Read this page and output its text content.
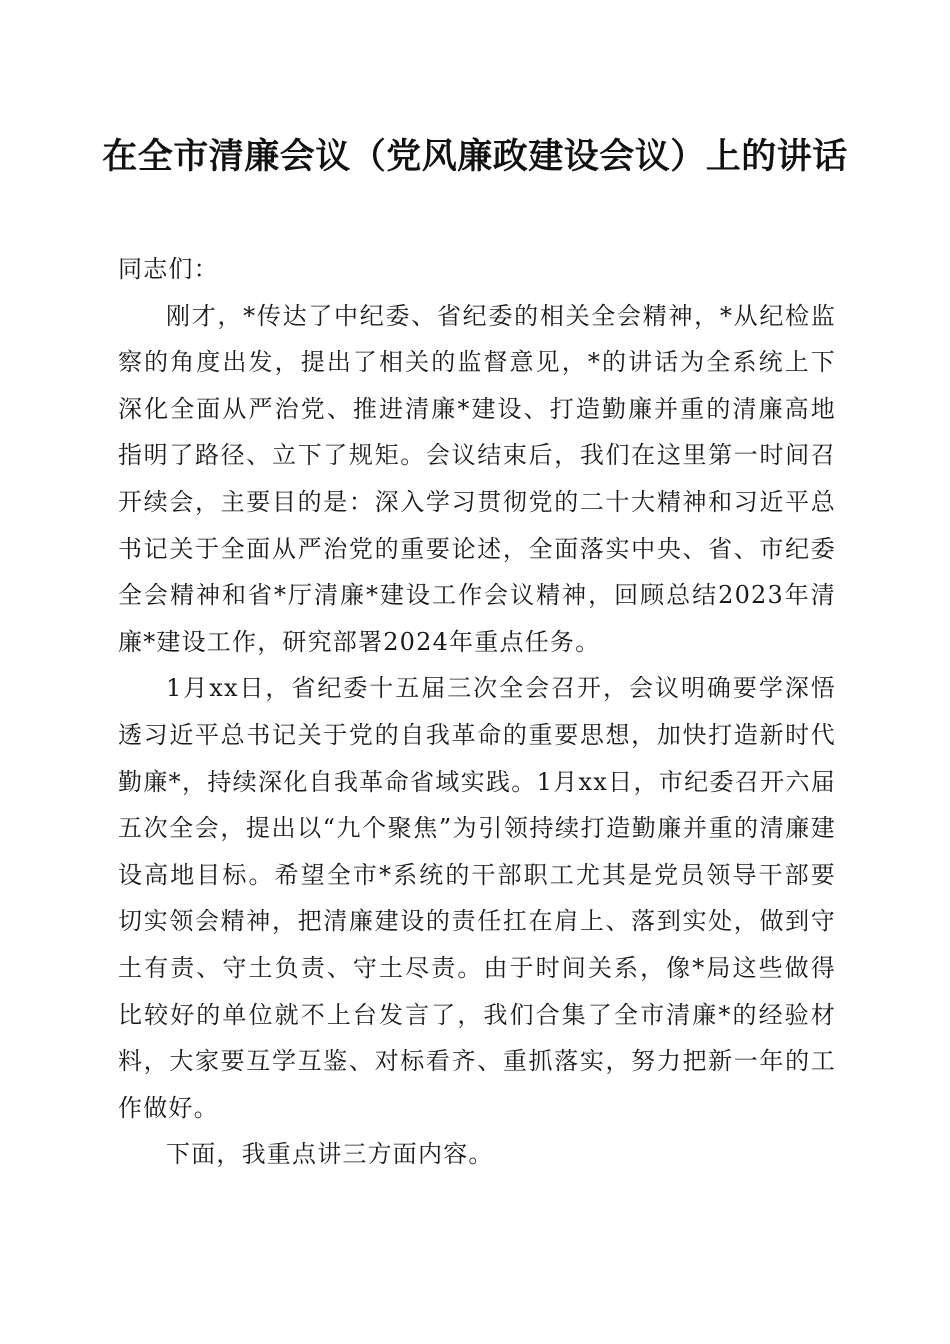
在全市清廉会议（党风廉政建设会议）上的讲话

同志们：

刚才，*传达了中纪委、省纪委的相关全会精神，*从纪检监察的角度出发，提出了相关的监督意见，*的讲话为全系统上下深化全面从严治党、推进清廉*建设、打造勤廉并重的清廉高地指明了路径、立下了规矩。会议结束后，我们在这里第一时间召开续会，主要目的是：深入学习贯彻党的二十大精神和习近平总书记关于全面从严治党的重要论述，全面落实中央、省、市纪委全会精神和省*厅清廉*建设工作会议精神，回顾总结2023年清廉*建设工作，研究部署2024年重点任务。

1月xx日，省纪委十五届三次全会召开，会议明确要学深悟透习近平总书记关于党的自我革命的重要思想，加快打造新时代勤廉*，持续深化自我革命省域实践。1月xx日，市纪委召开六届五次全会，提出以“九个聚焦”为引领持续打造勤廉并重的清廉建设高地目标。希望全市*系统的干部职工尤其是党员领导干部要切实领会精神，把清廉建设的责任扛在肩上、落到实处，做到守土有责、守土负责、守土尽责。由于时间关系，像*局这些做得比较好的单位就不上台发言了，我们合集了全市清廉*的经验材料，大家要互学互鉴、对标看齐、重抓落实，努力把新一年的工作做好。

下面，我重点讲三方面内容。
